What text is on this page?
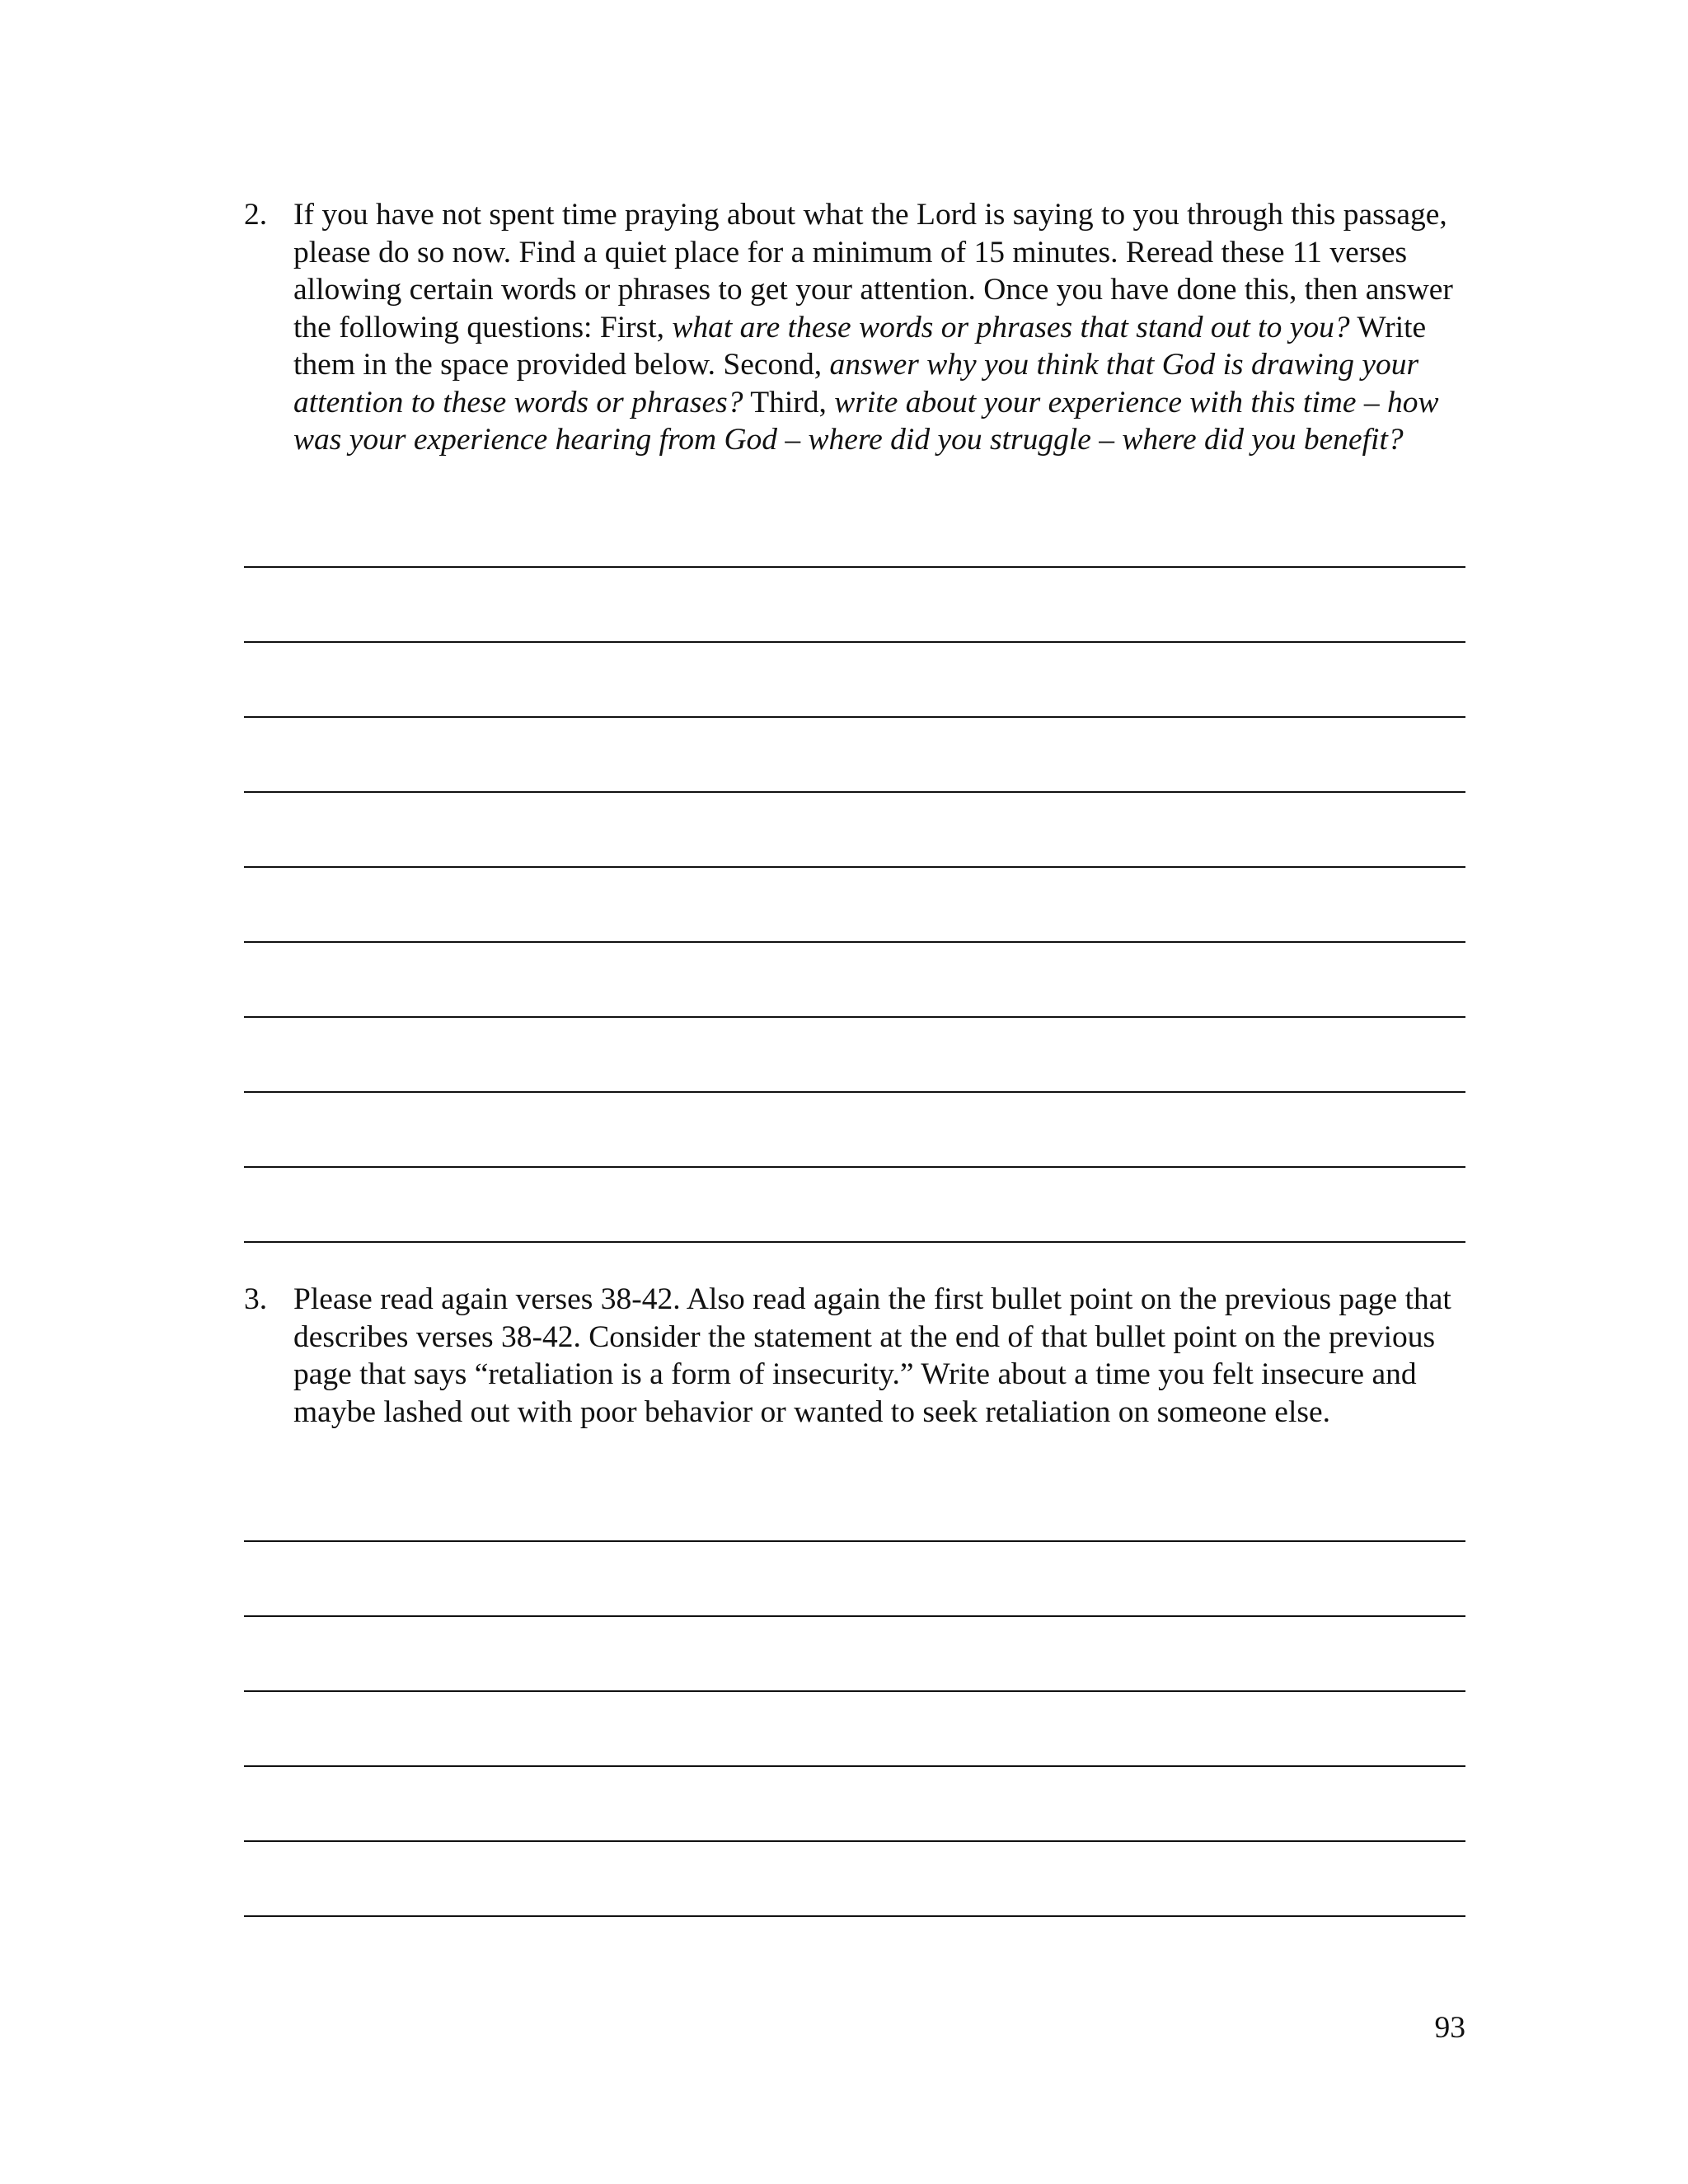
2. If you have not spent time praying about what the Lord is saying to you through this passage, please do so now. Find a quiet place for a minimum of 15 minutes. Reread these 11 verses allowing certain words or phrases to get your attention. Once you have done this, then answer the following questions: First, what are these words or phrases that stand out to you? Write them in the space provided below. Second, answer why you think that God is drawing your attention to these words or phrases? Third, write about your experience with this time – how was your experience hearing from God – where did you struggle – where did you benefit?
3. Please read again verses 38-42. Also read again the first bullet point on the previous page that describes verses 38-42. Consider the statement at the end of that bullet point on the previous page that says “retaliation is a form of insecurity.” Write about a time you felt insecure and maybe lashed out with poor behavior or wanted to seek retaliation on someone else.
93
